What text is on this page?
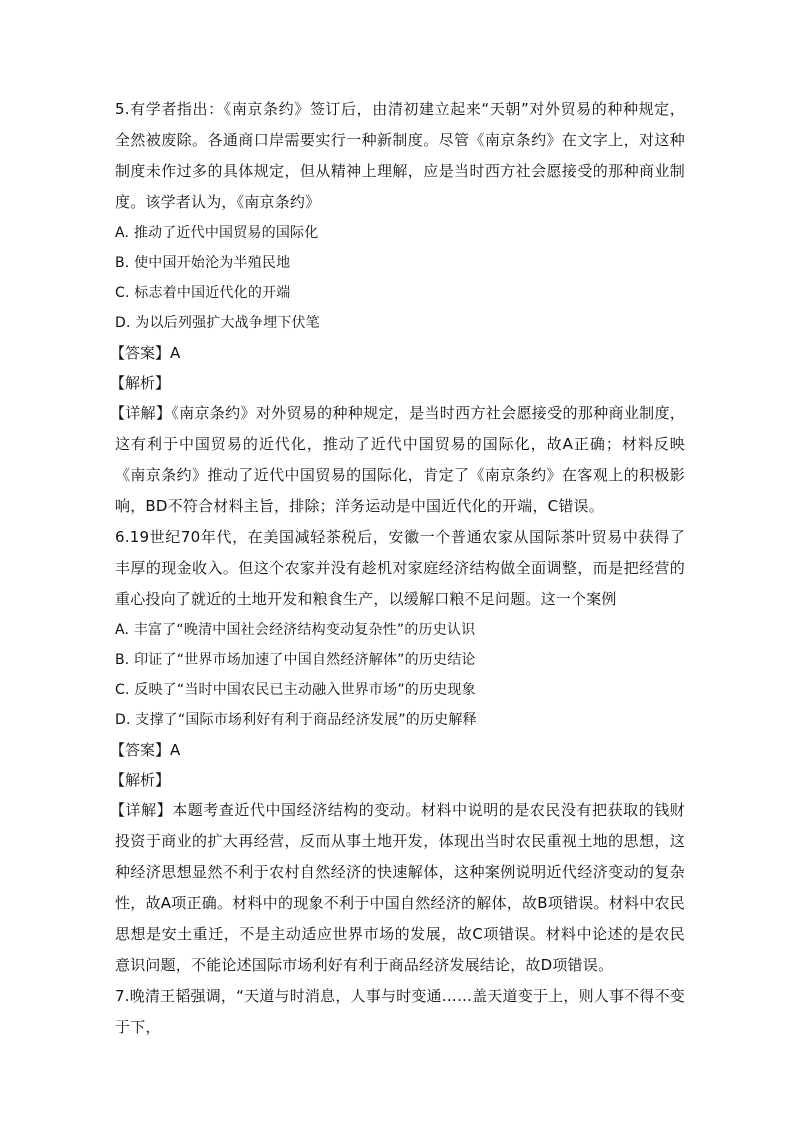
5.有学者指出：《南京条约》签订后，由清初建立起来“天朝”对外贸易的种种规定，全然被废除。各通商口岸需要实行一种新制度。尽管《南京条约》在文字上，对这种制度未作过多的具体规定，但从精神上理解，应是当时西方社会愿接受的那种商业制度。该学者认为，《南京条约》

A. 推动了近代中国贸易的国际化

B. 使中国开始沦为半殖民地

C. 标志着中国近代化的开端

D. 为以后列强扩大战争埋下伏笔

【答案】A

【解析】

【详解】《南京条约》对外贸易的种种规定，是当时西方社会愿接受的那种商业制度，这有利于中国贸易的近代化，推动了近代中国贸易的国际化，故A正确；材料反映《南京条约》推动了近代中国贸易的国际化，肯定了《南京条约》在客观上的积极影响，BD不符合材料主旨，排除；洋务运动是中国近代化的开端，C错误。

6.19世纪70年代，在美国减轻茶税后，安徽一个普通农家从国际茶叶贸易中获得了丰厚的现金收入。但这个农家并没有趁机对家庭经济结构做全面调整，而是把经营的重心投向了就近的土地开发和粮食生产，以缓解口粮不足问题。这一个案例

A. 丰富了“晚清中国社会经济结构变动复杂性”的历史认识

B. 印证了“世界市场加速了中国自然经济解体”的历史结论

C. 反映了“当时中国农民已主动融入世界市场”的历史现象

D. 支撑了“国际市场利好有利于商品经济发展”的历史解释

【答案】A

【解析】

【详解】本题考查近代中国经济结构的变动。材料中说明的是农民没有把获取的钱财投资于商业的扩大再经营，反而从事土地开发，体现出当时农民重视土地的思想，这种经济思想显然不利于农村自然经济的快速解体，这种案例说明近代经济变动的复杂性，故A项正确。材料中的现象不利于中国自然经济的解体，故B项错误。材料中农民思想是安土重迁，不是主动适应世界市场的发展，故C项错误。材料中论述的是农民意识问题，不能论述国际市场利好有利于商品经济发展结论，故D项错误。

7.晚清王韬强调，“天道与时消息，人事与时变通……盖天道变于上，则人事不得不变于下，
